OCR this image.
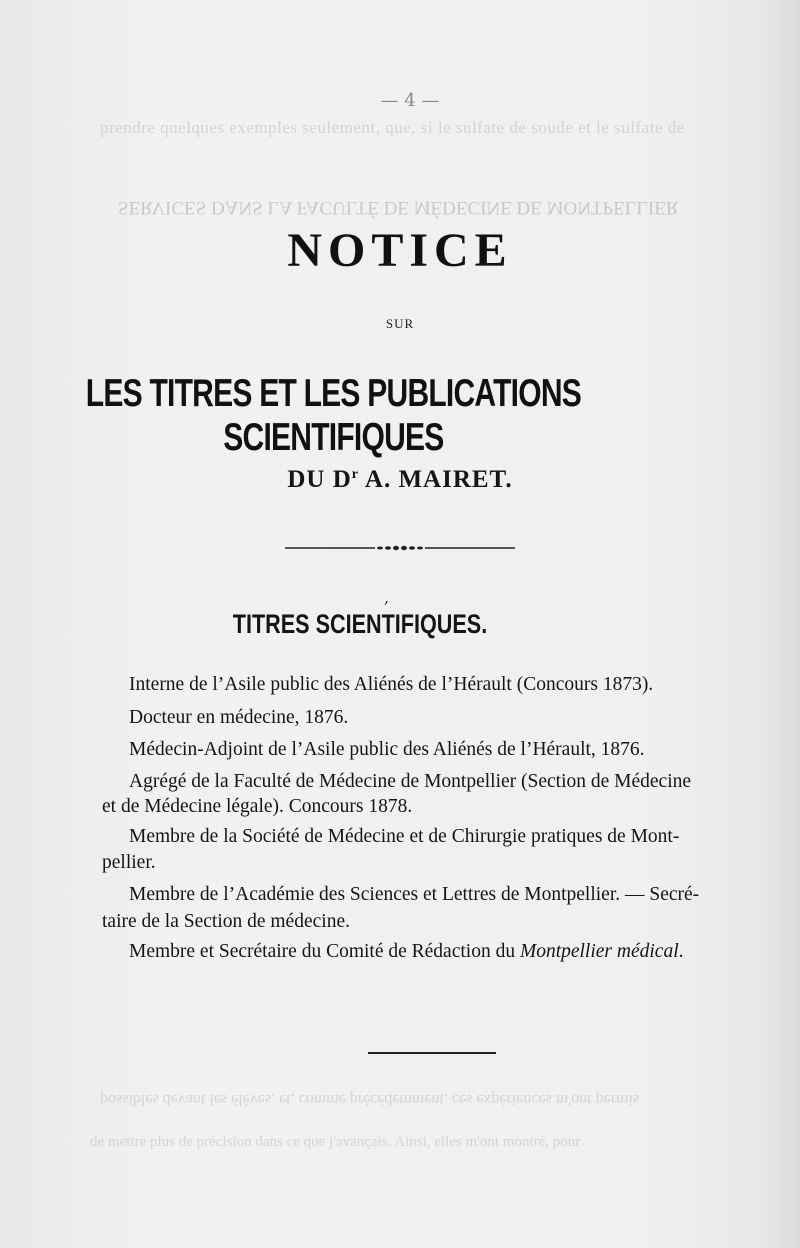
prendre quelques exemples seulement, que, si le sulfate de soude et le sulfate de
SERVICES DANS LA FACULTÉ DE MÉDECINE DE MONTPELLIER
possibles devant les élèves, et, comme précédemment, ces expériences m'ont permis
de mettre plus de précision dans ce que j'avançais. Ainsi, elles m'ont montré, pour
— 4 —
NOTICE
SUR
LES TITRES ET LES PUBLICATIONS SCIENTIFIQUES
DU $D^r$ A. MAIRET.
,
TITRES SCIENTIFIQUES.
Interne de l’Asile public des Aliénés de l’Hérault (Concours 1873).
Docteur en médecine, 1876.
Médecin-Adjoint de l’Asile public des Aliénés de l’Hérault, 1876.
Agrégé de la Faculté de Médecine de Montpellier (Section de Médecine
et de Médecine légale). Concours 1878.
Membre de la Société de Médecine et de Chirurgie pratiques de Mont-
pellier.
Membre de l’Académie des Sciences et Lettres de Montpellier. — Secré-
taire de la Section de médecine.
Membre et Secrétaire du Comité de Rédaction du Montpellier médical.
